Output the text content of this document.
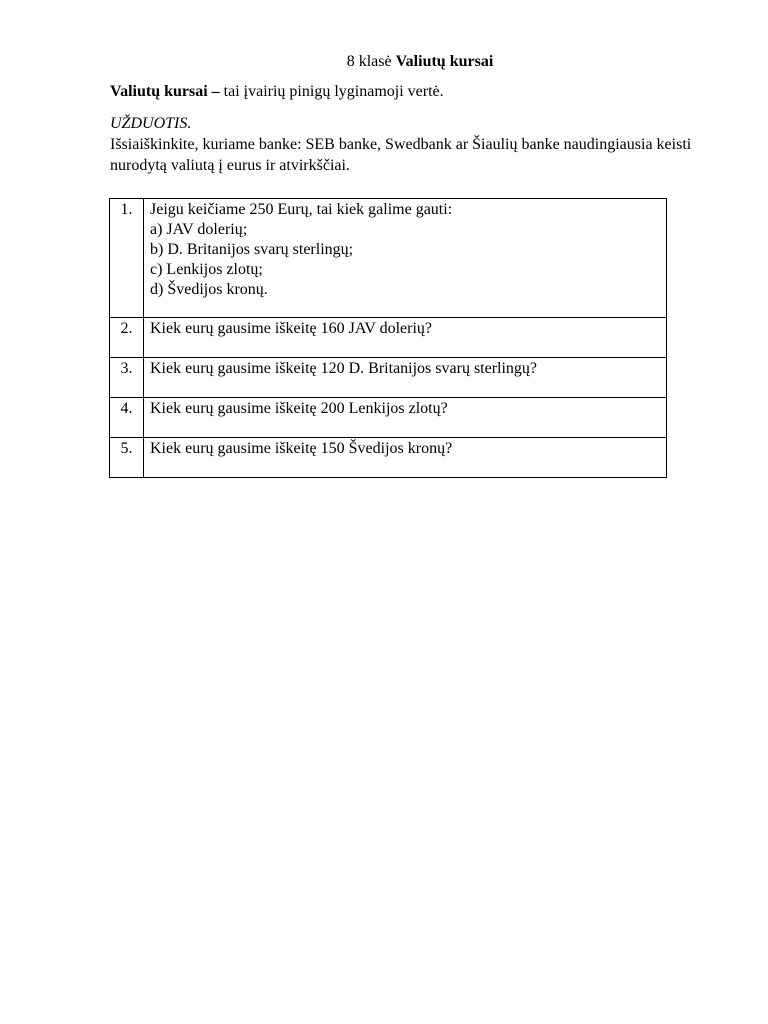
8 klasė Valiutų kursai
Valiutų kursai – tai įvairių pinigų lyginamoji vertė.
UŽDUOTIS.
Išsiaiškinkite, kuriame banke: SEB banke, Swedbank ar Šiaulių banke naudingiausia keisti nurodytą valiutą į eurus ir atvirkščiai.
1.	Jeigu keičiame 250 Eurų, tai kiek galime gauti:
a) JAV dolerių;
b) D. Britanijos svarų sterlingų;
c) Lenkijos zlotų;
d) Švedijos kronų.

2.	Kiek eurų gausime iškeitę 160 JAV dolerių?
3.	Kiek eurų gausime iškeitę 120 D. Britanijos svarų sterlingų?
4.	Kiek eurų gausime iškeitę 200 Lenkijos zlotų?
5.	Kiek eurų gausime iškeitę 150 Švedijos kronų?
